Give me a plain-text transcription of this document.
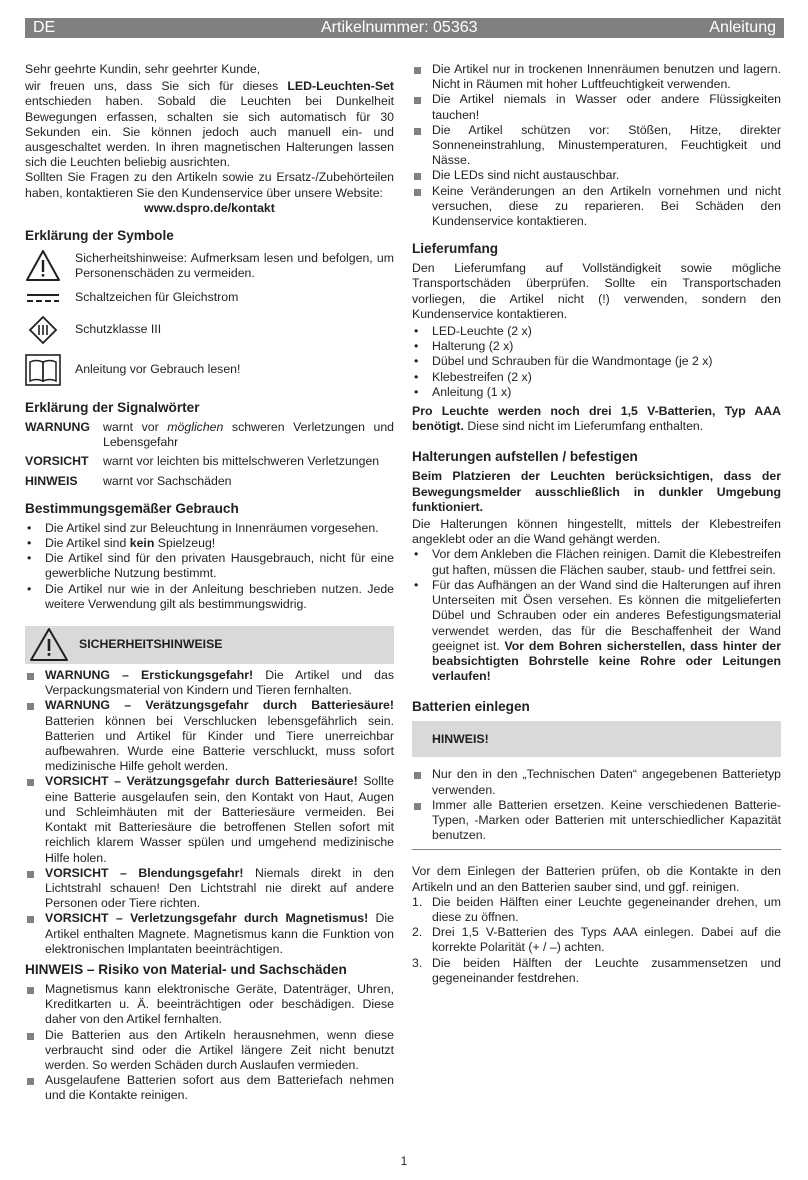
DE	Artikelnummer: 05363	Anleitung

Sehr geehrte Kundin, sehr geehrter Kunde,

wir freuen uns, dass Sie sich für dieses LED-Leuchten-Set entschieden haben. Sobald die Leuchten bei Dunkelheit Bewegungen erfassen, schalten sie sich automatisch für 30 Sekunden ein. Sie können jedoch auch manuell ein- und ausgeschaltet werden. In ihren magnetischen Halterungen lassen sich die Leuchten beliebig ausrichten.

Sollten Sie Fragen zu den Artikeln sowie zu Ersatz-/Zubehörteilen haben, kontaktieren Sie den Kundenservice über unsere Website:

www.dspro.de/kontakt

Erklärung der Symbole

Sicherheitshinweise: Aufmerksam lesen und befolgen, um Personenschäden zu vermeiden.

Schaltzeichen für Gleichstrom

Schutzklasse III

Anleitung vor Gebrauch lesen!

Erklärung der Signalwörter
WARNUNG	warnt vor möglichen schweren Verletzungen und Lebensgefahr

VORSICHT	warnt vor leichten bis mittelschweren Verletzungen

HINWEIS	warnt vor Sachschäden

Bestimmungsgemäßer Gebrauch
• Die Artikel sind zur Beleuchtung in Innenräumen vorgesehen.
• Die Artikel sind kein Spielzeug!
• Die Artikel sind für den privaten Hausgebrauch, nicht für eine gewerbliche Nutzung bestimmt.
• Die Artikel nur wie in der Anleitung beschrieben nutzen. Jede weitere Verwendung gilt als bestimmungswidrig.
SICHERHEITSHINWEISE
WARNUNG – Erstickungsgefahr! Die Artikel und das Verpackungsmaterial von Kindern und Tieren fernhalten.
WARNUNG – Verätzungsgefahr durch Batteriesäure! Batterien können bei Verschlucken lebensgefährlich sein. Batterien und Artikel für Kinder und Tiere unerreichbar aufbewahren. Wurde eine Batterie verschluckt, muss sofort medizinische Hilfe geholt werden.
VORSICHT – Verätzungsgefahr durch Batteriesäure! Sollte eine Batterie ausgelaufen sein, den Kontakt von Haut, Augen und Schleimhäuten mit der Batteriesäure vermeiden. Bei Kontakt mit Batteriesäure die betroffenen Stellen sofort mit reichlich klarem Wasser spülen und umgehend medizinische Hilfe holen.
VORSICHT – Blendungsgefahr! Niemals direkt in den Lichtstrahl schauen! Den Lichtstrahl nie direkt auf andere Personen oder Tiere richten.
VORSICHT – Verletzungsgefahr durch Magnetismus! Die Artikel enthalten Magnete. Magnetismus kann die Funktion von elektronischen Implantaten beeinträchtigen.
HINWEIS – Risiko von Material- und Sachschäden
Magnetismus kann elektronische Geräte, Datenträger, Uhren, Kreditkarten u. Ä. beeinträchtigen oder beschädigen. Diese daher von den Artikel fernhalten.
Die Batterien aus den Artikeln herausnehmen, wenn diese verbraucht sind oder die Artikel längere Zeit nicht benutzt werden. So werden Schäden durch Auslaufen vermieden.
Ausgelaufene Batterien sofort aus dem Batteriefach nehmen und die Kontakte reinigen.
Die Artikel nur in trockenen Innenräumen benutzen und lagern. Nicht in Räumen mit hoher Luftfeuchtigkeit verwenden.
Die Artikel niemals in Wasser oder andere Flüssigkeiten tauchen!
Die Artikel schützen vor: Stößen, Hitze, direkter Sonneneinstrahlung, Minustemperaturen, Feuchtigkeit und Nässe.
Die LEDs sind nicht austauschbar.
Keine Veränderungen an den Artikeln vornehmen und nicht versuchen, diese zu reparieren. Bei Schäden den Kundenservice kontaktieren.
Lieferumfang

Den Lieferumfang auf Vollständigkeit sowie mögliche Transportschäden überprüfen. Sollte ein Transportschaden vorliegen, die Artikel nicht (!) verwenden, sondern den Kundenservice kontaktieren.

• LED-Leuchte (2 x)
• Halterung (2 x)
• Dübel und Schrauben für die Wandmontage (je 2 x)
• Klebestreifen (2 x)
• Anleitung (1 x)

Pro Leuchte werden noch drei 1,5 V-Batterien, Typ AAA benötigt. Diese sind nicht im Lieferumfang enthalten.

Halterungen aufstellen / befestigen

Beim Platzieren der Leuchten berücksichtigen, dass der Bewegungsmelder ausschließlich in dunkler Umgebung funktioniert.

Die Halterungen können hingestellt, mittels der Klebestreifen angeklebt oder an die Wand gehängt werden.

• Vor dem Ankleben die Flächen reinigen. Damit die Klebestreifen gut haften, müssen die Flächen sauber, staub- und fettfrei sein.
• Für das Aufhängen an der Wand sind die Halterungen auf ihren Unterseiten mit Ösen versehen. Es können die mitgelieferten Dübel und Schrauben oder ein anderes Befestigungsmaterial verwendet werden, das für die Beschaffenheit der Wand geeignet ist. Vor dem Bohren sicherstellen, dass hinter der beabsichtigten Bohrstelle keine Rohre oder Leitungen verlaufen!
Batterien einlegen
HINWEIS!
Nur den in den „Technischen Daten“ angegebenen Batterietyp verwenden.
Immer alle Batterien ersetzen. Keine verschiedenen Batterie-Typen, -Marken oder Batterien mit unterschiedlicher Kapazität benutzen.

Vor dem Einlegen der Batterien prüfen, ob die Kontakte in den Artikeln und an den Batterien sauber sind, und ggf. reinigen.

1. Die beiden Hälften einer Leuchte gegeneinander drehen, um diese zu öffnen.
2. Drei 1,5 V-Batterien des Typs AAA einlegen. Dabei auf die korrekte Polarität (+ / –) achten.
3. Die beiden Hälften der Leuchte zusammensetzen und gegeneinander festdrehen.
1
